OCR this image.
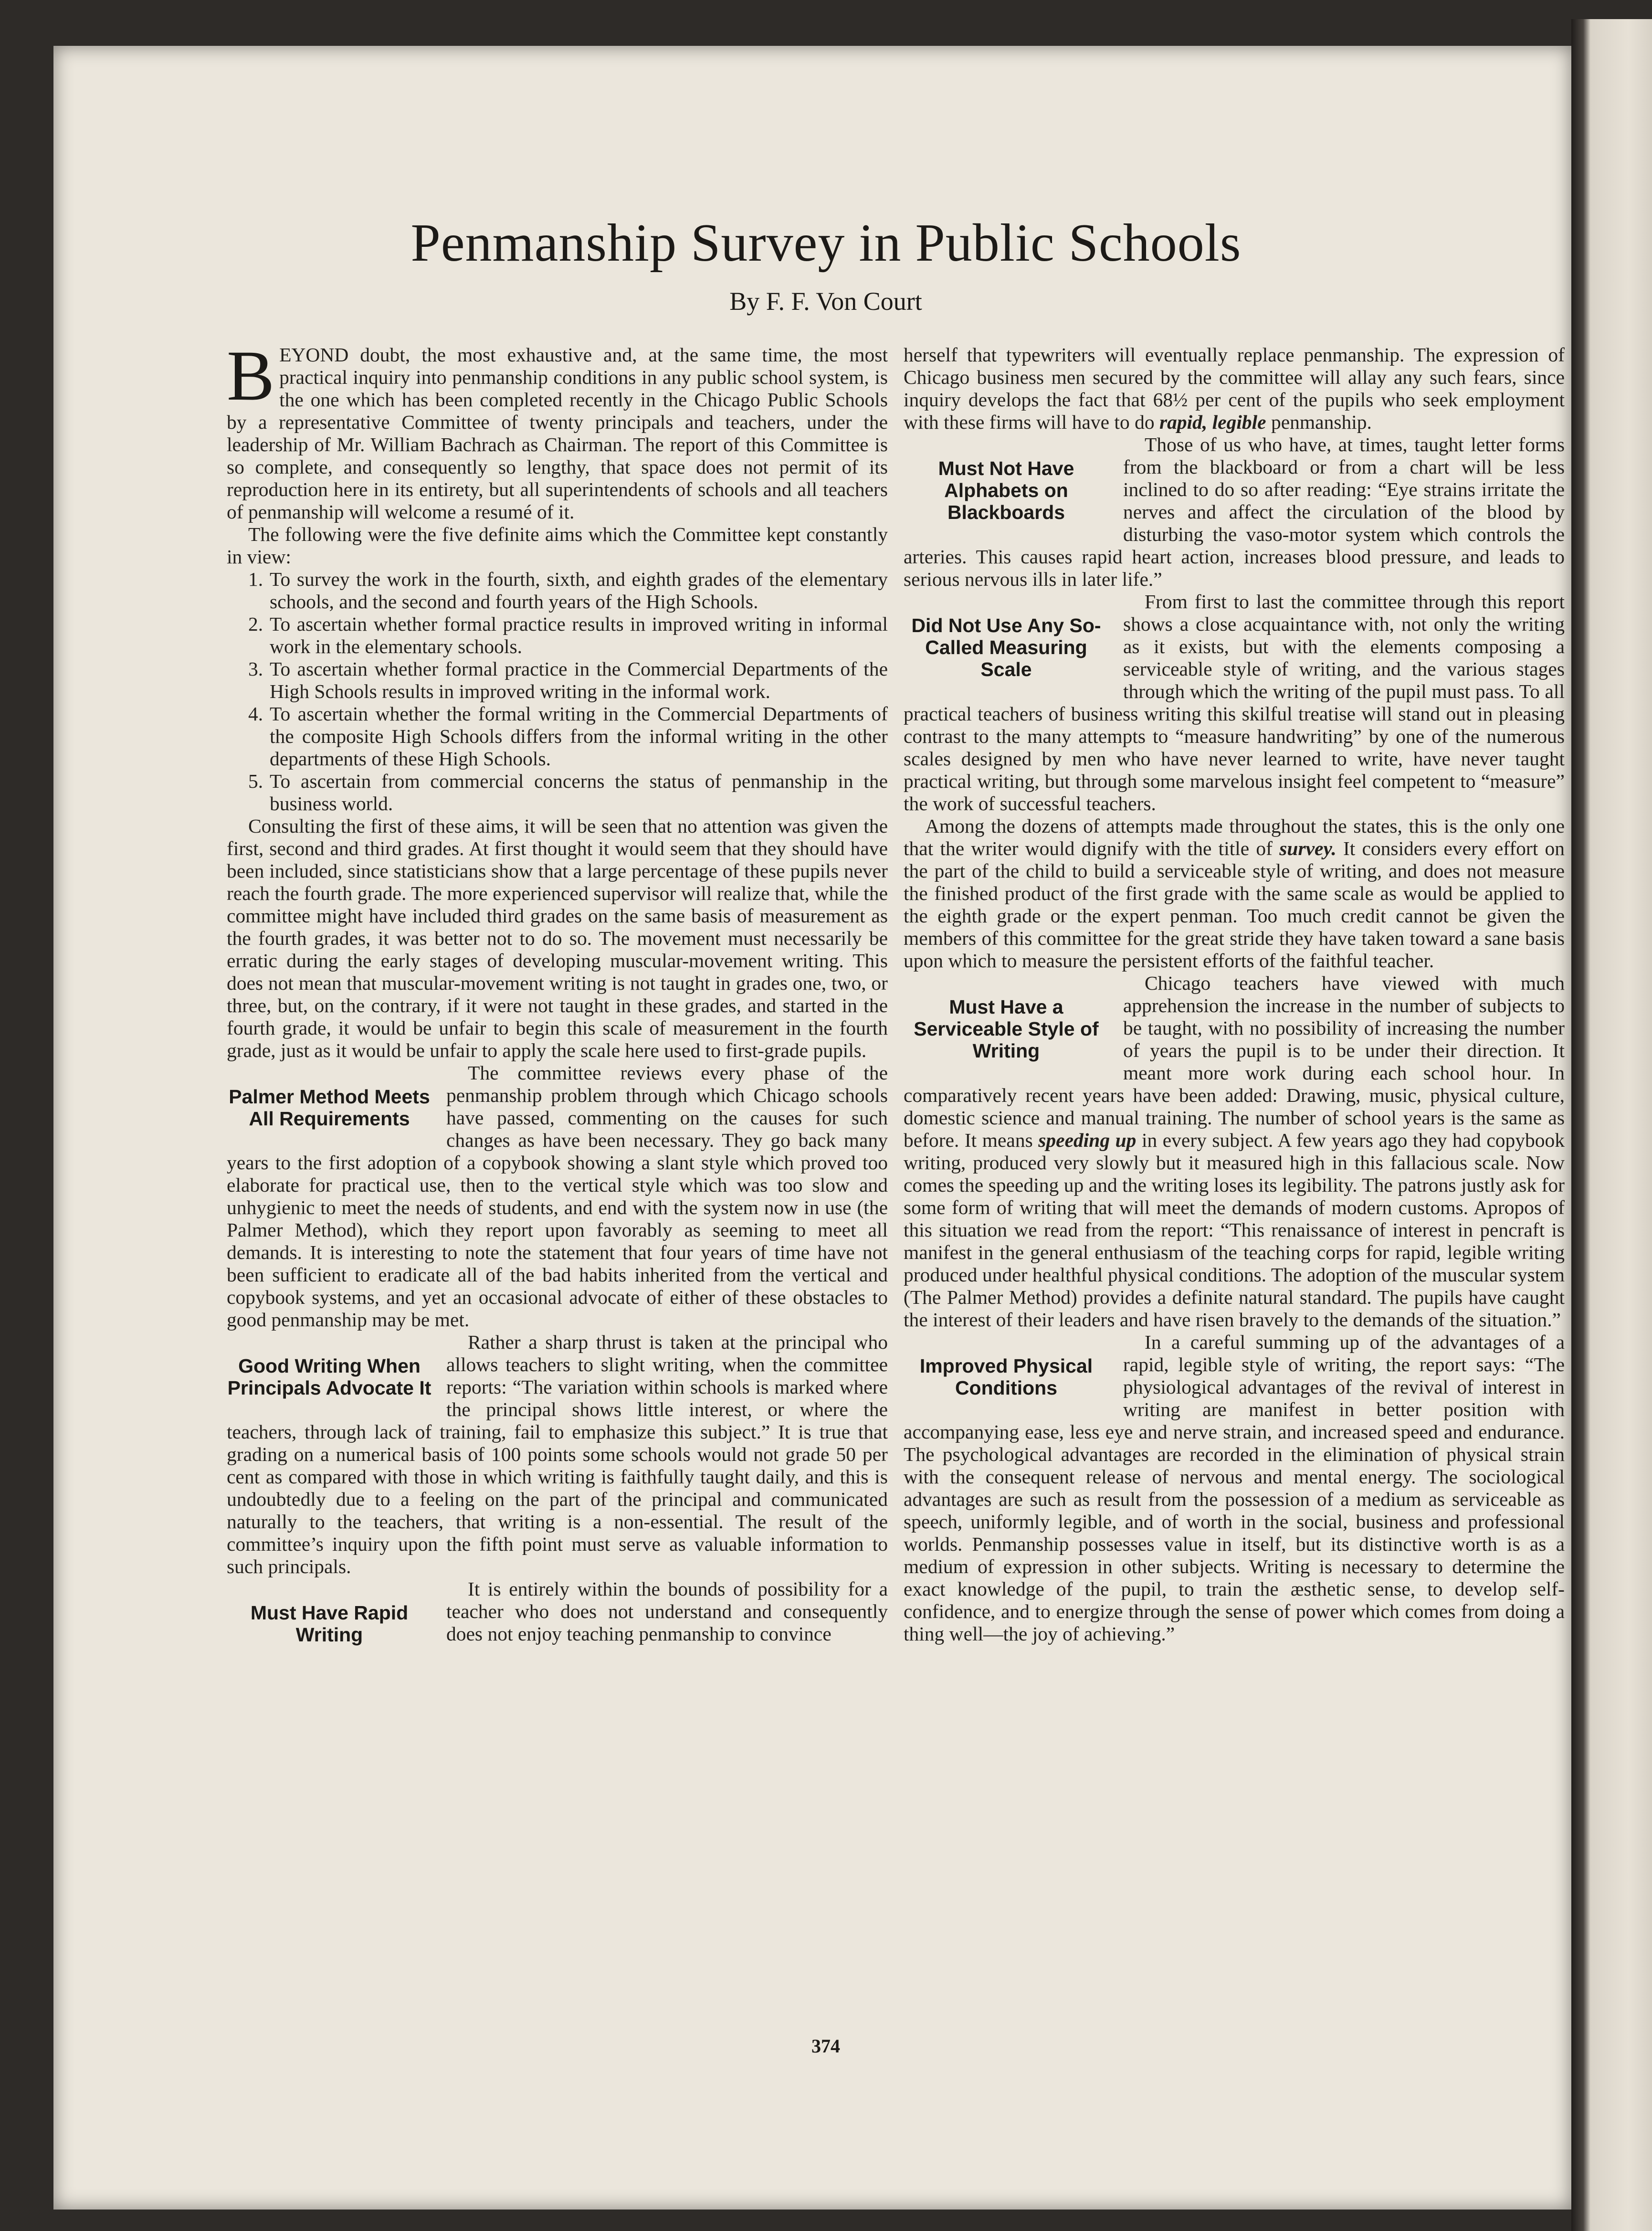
Penmanship Survey in Public Schools

By F. F. Von Court

BEYOND doubt, the most exhaustive and, at the same time, the most practical inquiry into penmanship conditions in any public school system, is the one which has been completed recently in the Chicago Public Schools by a representative Committee of twenty principals and teachers, under the leadership of Mr. William Bachrach as Chairman. The report of this Committee is so complete, and consequently so lengthy, that space does not permit of its reproduction here in its entirety, but all superintendents of schools and all teachers of penmanship will welcome a resumé of it.

The following were the five definite aims which the Committee kept constantly in view:

1. To survey the work in the fourth, sixth, and eighth grades of the elementary schools, and the second and fourth years of the High Schools.
2. To ascertain whether formal practice results in improved writing in informal work in the elementary schools.
3. To ascertain whether formal practice in the Commercial Departments of the High Schools results in improved writing in the informal work.
4. To ascertain whether the formal writing in the Commercial Departments of the composite High Schools differs from the informal writing in the other departments of these High Schools.
5. To ascertain from commercial concerns the status of penmanship in the business world.

Consulting the first of these aims, it will be seen that no attention was given the first, second and third grades. At first thought it would seem that they should have been included, since statisticians show that a large percentage of these pupils never reach the fourth grade. The more experienced supervisor will realize that, while the committee might have included third grades on the same basis of measurement as the fourth grades, it was better not to do so. The movement must necessarily be erratic during the early stages of developing muscular-movement writing. This does not mean that muscular-movement writing is not taught in grades one, two, or three, but, on the contrary, if it were not taught in these grades, and started in the fourth grade, it would be unfair to begin this scale of measurement in the fourth grade, just as it would be unfair to apply the scale here used to first-grade pupils.

Palmer Method Meets All Requirements

The committee reviews every phase of the penmanship problem through which Chicago schools have passed, commenting on the causes for such changes as have been necessary. They go back many years to the first adoption of a copybook showing a slant style which proved too elaborate for practical use, then to the vertical style which was too slow and unhygienic to meet the needs of students, and end with the system now in use (the Palmer Method), which they report upon favorably as seeming to meet all demands. It is interesting to note the statement that four years of time have not been sufficient to eradicate all of the bad habits inherited from the vertical and copybook systems, and yet an occasional advocate of either of these obstacles to good penmanship may be met.

Good Writing When Principals Advocate It

Rather a sharp thrust is taken at the principal who allows teachers to slight writing, when the committee reports: “The variation within schools is marked where the principal shows little interest, or where the teachers, through lack of training, fail to emphasize this subject.” It is true that grading on a numerical basis of 100 points some schools would not grade 50 per cent as compared with those in which writing is faithfully taught daily, and this is undoubtedly due to a feeling on the part of the principal and communicated naturally to the teachers, that writing is a non-essential. The result of the committee’s inquiry upon the fifth point must serve as valuable information to such principals.

Must Have Rapid Writing

It is entirely within the bounds of possibility for a teacher who does not understand and consequently does not enjoy teaching penmanship to convince

herself that typewriters will eventually replace penmanship. The expression of Chicago business men secured by the committee will allay any such fears, since inquiry develops the fact that 68½ per cent of the pupils who seek employment with these firms will have to do rapid, legible penmanship.

Must Not Have Alphabets on Blackboards

Those of us who have, at times, taught letter forms from the blackboard or from a chart will be less inclined to do so after reading: “Eye strains irritate the nerves and affect the circulation of the blood by disturbing the vaso-motor system which controls the arteries. This causes rapid heart action, increases blood pressure, and leads to serious nervous ills in later life.”

Did Not Use Any So-Called Measuring Scale

From first to last the committee through this report shows a close acquaintance with, not only the writing as it exists, but with the elements composing a serviceable style of writing, and the various stages through which the writing of the pupil must pass. To all practical teachers of business writing this skilful treatise will stand out in pleasing contrast to the many attempts to “measure handwriting” by one of the numerous scales designed by men who have never learned to write, have never taught practical writing, but through some marvelous insight feel competent to “measure” the work of successful teachers.

Among the dozens of attempts made throughout the states, this is the only one that the writer would dignify with the title of survey. It considers every effort on the part of the child to build a serviceable style of writing, and does not measure the finished product of the first grade with the same scale as would be applied to the eighth grade or the expert penman. Too much credit cannot be given the members of this committee for the great stride they have taken toward a sane basis upon which to measure the persistent efforts of the faithful teacher.

Must Have a Serviceable Style of Writing

Chicago teachers have viewed with much apprehension the increase in the number of subjects to be taught, with no possibility of increasing the number of years the pupil is to be under their direction. It meant more work during each school hour. In comparatively recent years have been added: Drawing, music, physical culture, domestic science and manual training. The number of school years is the same as before. It means speeding up in every subject. A few years ago they had copybook writing, produced very slowly but it measured high in this fallacious scale. Now comes the speeding up and the writing loses its legibility. The patrons justly ask for some form of writing that will meet the demands of modern customs. Apropos of this situation we read from the report: “This renaissance of interest in pencraft is manifest in the general enthusiasm of the teaching corps for rapid, legible writing produced under healthful physical conditions. The adoption of the muscular system (The Palmer Method) provides a definite natural standard. The pupils have caught the interest of their leaders and have risen bravely to the demands of the situation.”

Improved Physical Conditions

In a careful summing up of the advantages of a rapid, legible style of writing, the report says: “The physiological advantages of the revival of interest in writing are manifest in better position with accompanying ease, less eye and nerve strain, and increased speed and endurance. The psychological advantages are recorded in the elimination of physical strain with the consequent release of nervous and mental energy. The sociological advantages are such as result from the possession of a medium as serviceable as speech, uniformly legible, and of worth in the social, business and professional worlds. Penmanship possesses value in itself, but its distinctive worth is as a medium of expression in other subjects. Writing is necessary to determine the exact knowledge of the pupil, to train the æsthetic sense, to develop self-confidence, and to energize through the sense of power which comes from doing a thing well—the joy of achieving.”

374
